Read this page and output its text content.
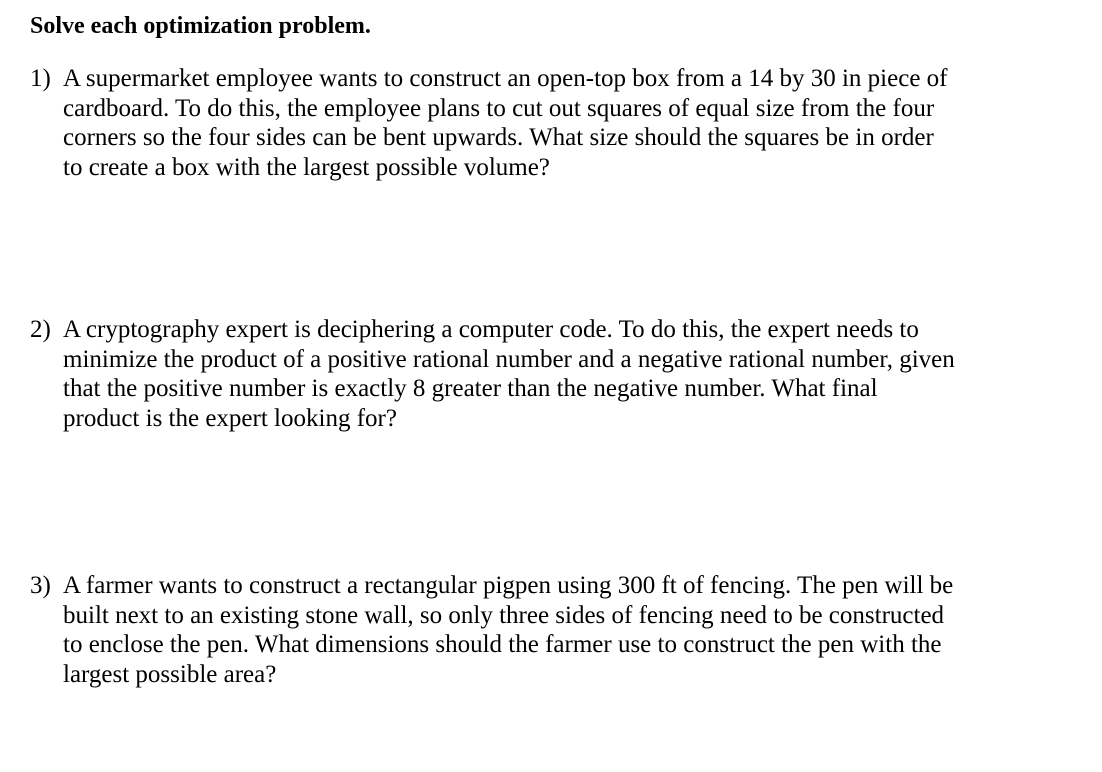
Solve each optimization problem.
1) A supermarket employee wants to construct an open-top box from a 14 by 30 in piece of
cardboard. To do this, the employee plans to cut out squares of equal size from the four
corners so the four sides can be bent upwards. What size should the squares be in order
to create a box with the largest possible volume?
2) A cryptography expert is deciphering a computer code. To do this, the expert needs to
minimize the product of a positive rational number and a negative rational number, given
that the positive number is exactly 8 greater than the negative number. What final
product is the expert looking for?
3) A farmer wants to construct a rectangular pigpen using 300 ft of fencing. The pen will be
built next to an existing stone wall, so only three sides of fencing need to be constructed
to enclose the pen. What dimensions should the farmer use to construct the pen with the
largest possible area?
